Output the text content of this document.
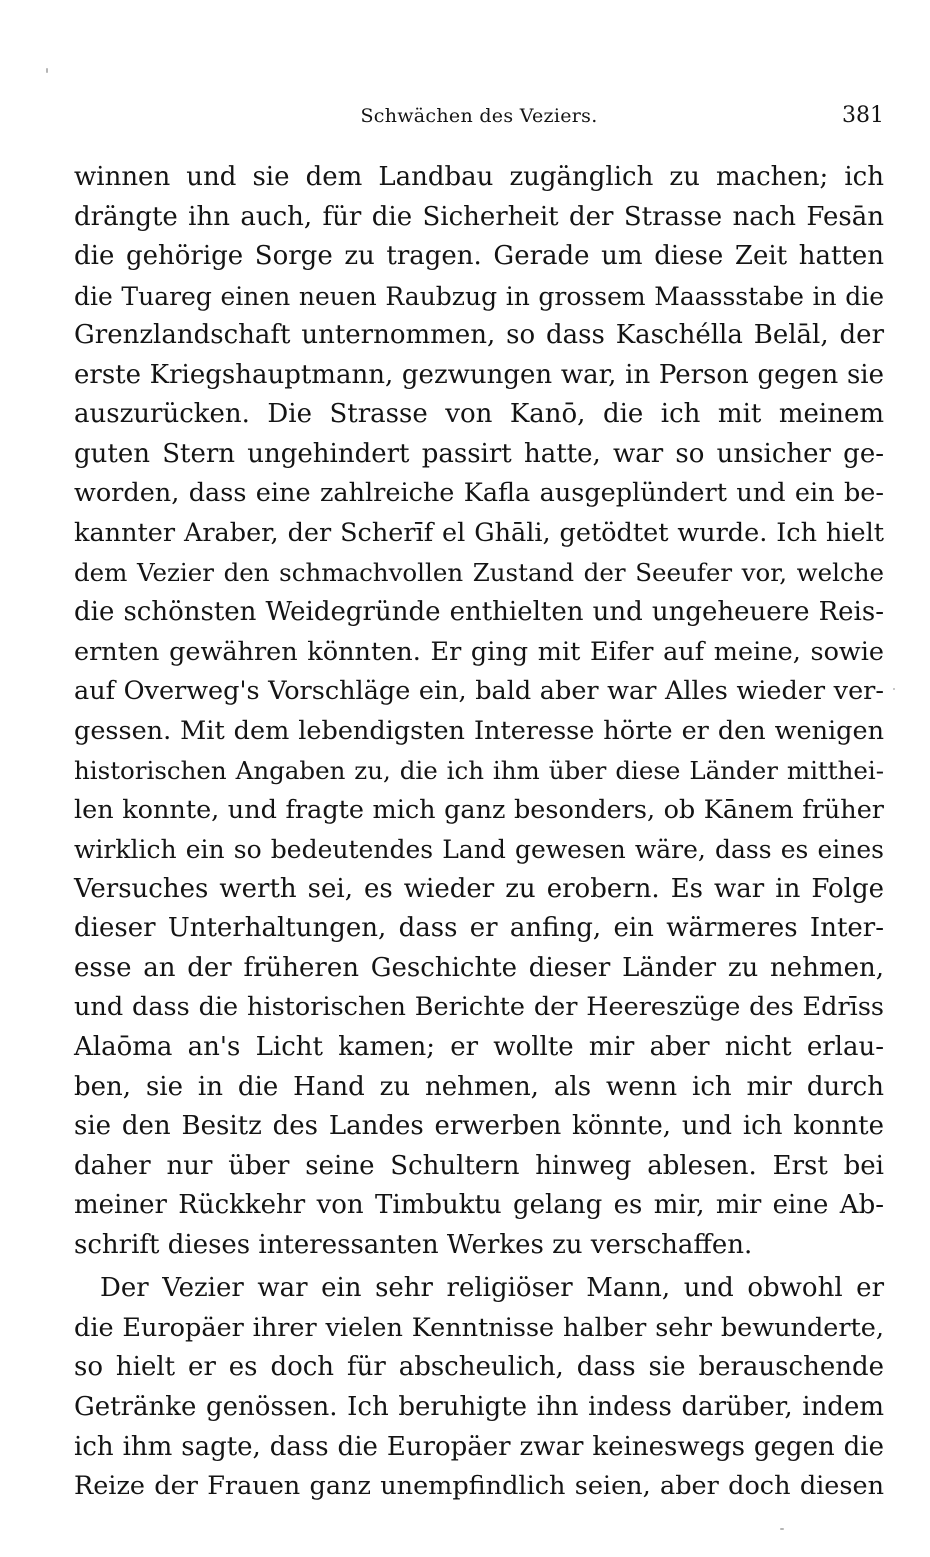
Schwächen des Veziers.	381
winnen und sie dem Landbau zugänglich zu machen; ich
drängte ihn auch, für die Sicherheit der Strasse nach Fesān
die gehörige Sorge zu tragen. Gerade um diese Zeit hatten
die Tuareg einen neuen Raubzug in grossem Maassstabe in die
Grenzlandschaft unternommen, so dass Kaschélla Belāl, der
erste Kriegshauptmann, gezwungen war, in Person gegen sie
auszurücken. Die Strasse von Kanō, die ich mit meinem
guten Stern ungehindert passirt hatte, war so unsicher ge-
worden, dass eine zahlreiche Kafla ausgeplündert und ein be-
kannter Araber, der Scherīf el Ghāli, getödtet wurde. Ich hielt
dem Vezier den schmachvollen Zustand der Seeufer vor, welche
die schönsten Weidegründe enthielten und ungeheuere Reis-
ernten gewähren könnten. Er ging mit Eifer auf meine, sowie
auf Overweg's Vorschläge ein, bald aber war Alles wieder ver-
gessen. Mit dem lebendigsten Interesse hörte er den wenigen
historischen Angaben zu, die ich ihm über diese Länder mitthei-
len konnte, und fragte mich ganz besonders, ob Kānem früher
wirklich ein so bedeutendes Land gewesen wäre, dass es eines
Versuches werth sei, es wieder zu erobern. Es war in Folge
dieser Unterhaltungen, dass er anfing, ein wärmeres Inter-
esse an der früheren Geschichte dieser Länder zu nehmen,
und dass die historischen Berichte der Heereszüge des Edrīss
Alaōma an's Licht kamen; er wollte mir aber nicht erlau-
ben, sie in die Hand zu nehmen, als wenn ich mir durch
sie den Besitz des Landes erwerben könnte, und ich konnte
daher nur über seine Schultern hinweg ablesen. Erst bei
meiner Rückkehr von Timbuktu gelang es mir, mir eine Ab-
schrift dieses interessanten Werkes zu verschaffen.
Der Vezier war ein sehr religiöser Mann, und obwohl er
die Europäer ihrer vielen Kenntnisse halber sehr bewunderte,
so hielt er es doch für abscheulich, dass sie berauschende
Getränke genössen. Ich beruhigte ihn indess darüber, indem
ich ihm sagte, dass die Europäer zwar keineswegs gegen die
Reize der Frauen ganz unempfindlich seien, aber doch diesen
